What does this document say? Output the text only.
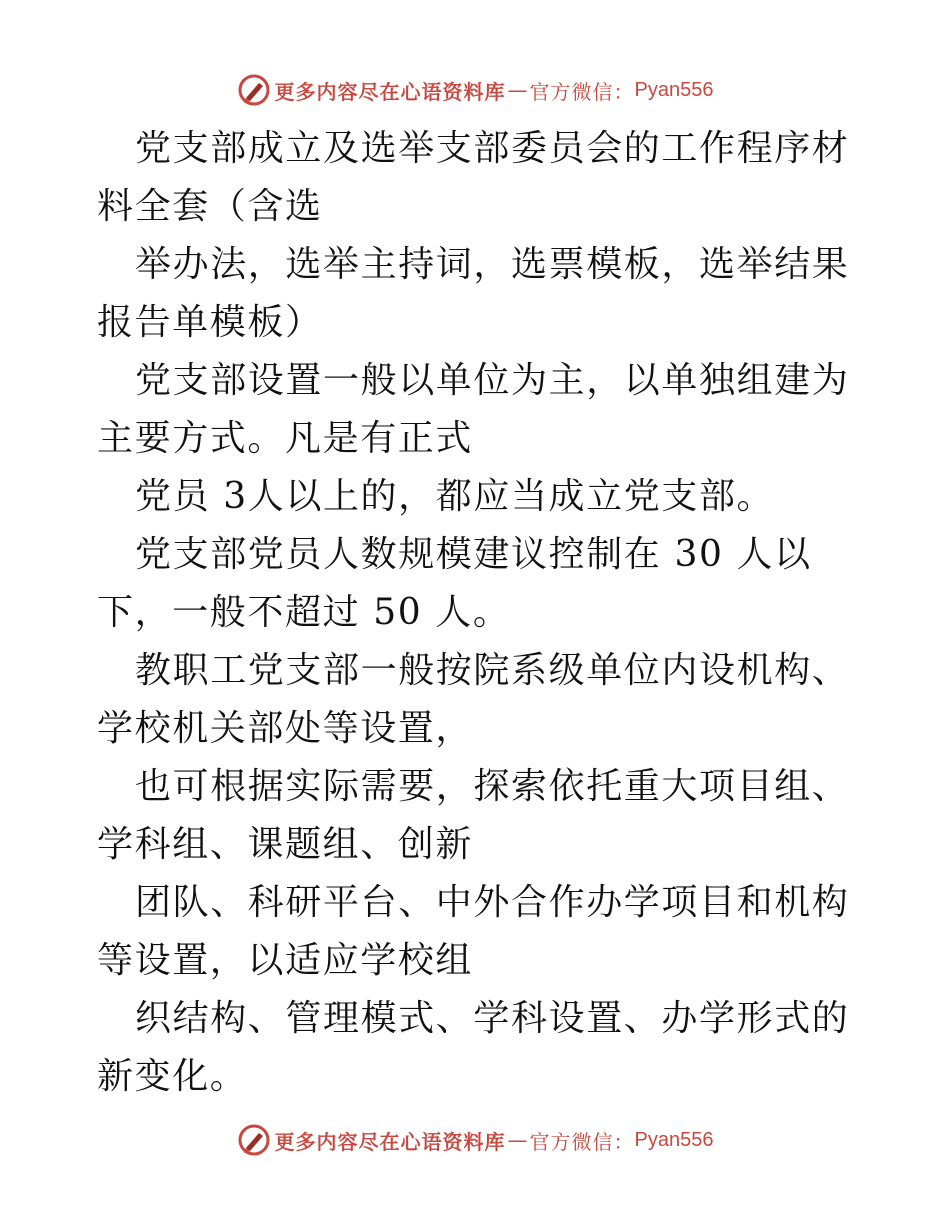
更多内容尽在心语资料库 — 官方微信： Pyan556

党支部成立及选举支部委员会的工作程序材料全套（含选

举办法，选举主持词，选票模板，选举结果报告单模板）

党支部设置一般以单位为主，以单独组建为主要方式。凡是有正式

党员 3人以上的，都应当成立党支部。

党支部党员人数规模建议控制在 30 人以下，一般不超过 50 人。

教职工党支部一般按院系级单位内设机构、学校机关部处等设置，

也可根据实际需要，探索依托重大项目组、学科组、课题组、创新

团队、科研平台、中外合作办学项目和机构等设置，以适应学校组

织结构、管理模式、学科设置、办学形式的新变化。

更多内容尽在心语资料库 — 官方微信： Pyan556
